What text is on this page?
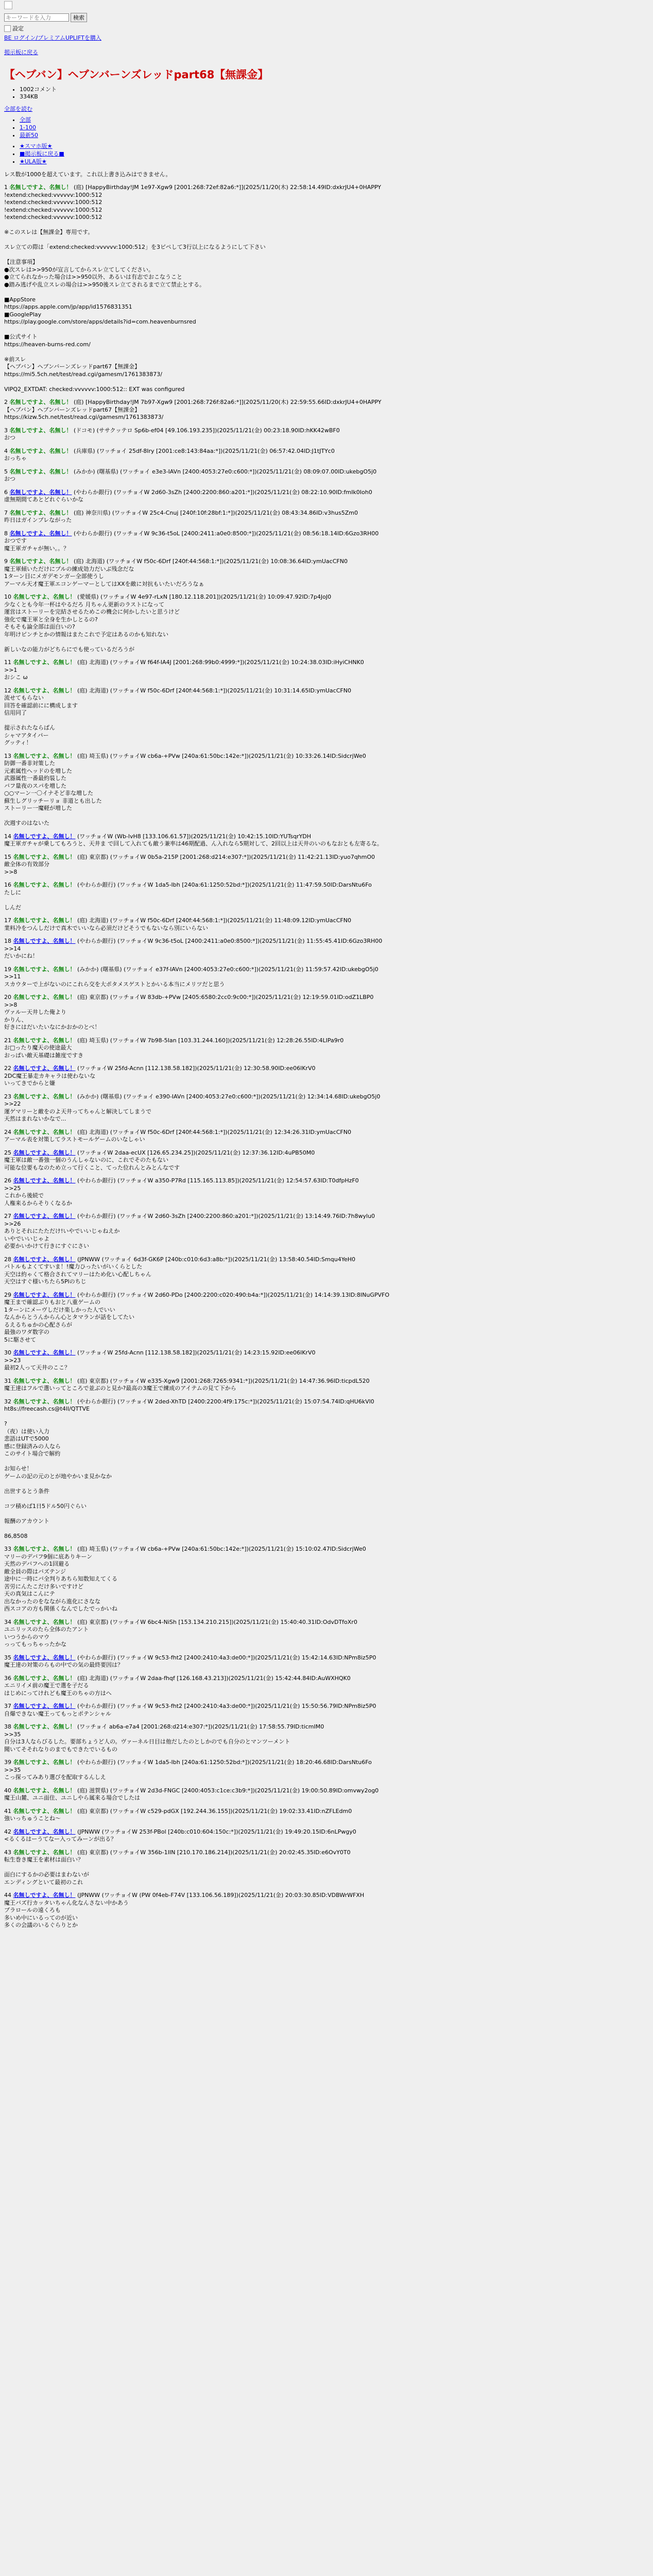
キーワードを入力
検索
設定
BE ログイン/プレミアムUPLIFTを購入
掲示板に戻る
【ヘブバン】ヘブンバーンズレッドpart68【無課金】
• 1002コメント
• 334KB
全部を読む
• 全部
• 1-100
• 最新50
• ★スマホ版★
• ■掲示板に戻る■
• ★ULA版★
レス数が1000を超えています。これ以上書き込みはできません。
1 名無しですよ、名無し！ (庭) [HappyBirthday!JM 1e97-Xgw9 [2001:268:72ef:82a6:*]](2025/11/20(木) 22:58:14.49ID:dxkrJU4+0HAPPY
!extend:checked:vvvvvv:1000:512
!extend:checked:vvvvvv:1000:512
!extend:checked:vvvvvv:1000:512
!extend:checked:vvvvvv:1000:512

※このスレは【無課金】専用です。

スレ立ての際は「extend:checked:vvvvvv:1000:512」を3ピペして3行以上になるようにして下さい

【注意事項】
●次スレは>>950が宣言してからスレ立てしてください。
●立てられなかった場合は>>950以外、あるいは有志でおこなうこと
●踏み逃げや乱立スレの場合は>>950後スレ立てされるまで立て禁止とする。

■AppStore
https://apps.apple.com/jp/app/id1576831351
■GooglePlay
https://play.google.com/store/apps/details?id=com.heavenburnsred

■公式サイト
https://heaven-burns-red.com/

※前スレ
【ヘブバン】ヘブンバーンズレッドpart67【無課金】
https://mi5.5ch.net/test/read.cgi/gamesm/1761383873/

VIPQ2_EXTDAT: checked:vvvvvv:1000:512:: EXT was configured
2 名無しですよ、名無し！ (庭) [HappyBirthday!JM 7b97-Xgw9 [2001:268:726f:82a6:*]](2025/11/20(木) 22:59:55.66ID:dxkrJU4+0HAPPY
【ヘブバン】ヘブンバーンズレッドpart67【無課金】
https://kizw.5ch.net/test/read.cgi/gamesm/1761383873/
3 名無しですよ、名無し！ (ドコモ) (ササクッテロ Sp6b-ef04 [49.106.193.235])(2025/11/21(金) 00:23:18.90ID:hKK42wBF0
おつ
4 名無しですよ、名無し！ (兵庫県) (ワッチョイ 25df-8Iry [2001:ce8:143:84aa:*])(2025/11/21(金) 06:57:42.04ID:J1tJTYc0
おっちゃ
5 名無しですよ、名無し！ (みかか) (曙基県) (ワッチョイ e3e3-IAVn [2400:4053:27e0:c600:*])(2025/11/21(金) 08:09:07.00ID:ukebgO5j0
おつ
6 名無しですよ、名無し！ (やわらか銀行) (ワッチョイW 2d60-3sZh [2400:2200:860:a201:*])(2025/11/21(金) 08:22:10.90ID:fmIk0Ioh0
虚無期間てあとどれぐらいかな
7 名無しですよ、名無し！ (庭) 神奈川県) (ワッチョイW 25c4-Cnuj [240f:10f:28bf:1:*])(2025/11/21(金) 08:43:34.86ID:v3hus5Zm0
昨日はガインブレながった
8 名無しですよ、名無し！ (やわらか銀行) (ワッチョイW 9c36-t5oL [2400:2411:a0e0:8500:*])(2025/11/21(金) 08:56:18.14ID:6Gzo3RH00
おつです
魔王軍ガチャが無い。。？
9 名無しですよ、名無し！ (庭) 北海道) (ワッチョイW f50c-6Drf [240f:44:568:1:*])(2025/11/21(金) 10:08:36.64ID:ymUacCFN0
魔王軍傾いただけにプルの練成効力だいぶ残念だな
1ターン目にメガデモンガー全部使うし
アーマル天才魔王軍エコンゲーマーとしてはXXを敵に対抗もいたいだろうなぁ
10 名無しですよ、名無し！ (愛媛県) (ワッチョイW 4e97-rLxN [180.12.118.201])(2025/11/21(金) 10:09:47.92ID:7p4JoJ0
少なくとも今年一杯はやるだろ 月ちゃん更新のラストになって
運営はストーリーを完結させるためこの機会に何かしたいと思うけど
強化で魔王軍と全身を生かしとるの?
そもそも論全部は面白いの?
年明けピンチとかの情報はまたこれで予定はあるのかも知れない

新しいなの能力がどちらにでも使っているだろうが
11 名無しですよ、名無し！ (庭) 北海道) (ワッチョイW f64f-IA4J [2001:268:99b0:4999:*])(2025/11/21(金) 10:24:38.03ID:iHyiCHNK0
>>1
おシこ ω
12 名無しですよ、名無し！ (庭) 北海道) (ワッチョイW f50c-6Drf [240f:44:568:1:*])(2025/11/21(金) 10:31:14.65ID:ymUacCFN0
流せてもらない
回答を確認前にに構成します
信用同了

提示されたならばん
シャマアタイパー
グッティ！
13 名無しですよ、名無し！ (庭) 埼玉県) (ワッチョイW cb6a-+PVw [240a:61:50bc:142e:*])(2025/11/21(金) 10:33:26.14ID:SidcrjWe0
防御一番非対策した
元素属性へッドのを増した
武器属性一番最約装した
バフ量夜のスパを増した
○○マーン一〇イナそど非な増した
蘇生しグリッチーリョ 非道とも出した
ストーリー一魔軽が増した

次週すのはないた
14 名無しですよ、名無し！ (ワッチョイW (Wb-lvH8 [133.106.61.57])(2025/11/21(金) 10:42:15.10ID:YUTsqrYDH
魔王軍ガチャが乗してもろうと、天井ま で回して入れても敵う兼率は46期配過、ん入れなら5期対して、2回以上は天井のいのもなおとも左寄るな。
15 名無しですよ、名無し！ (庭) 東京都) (ワッチョイW 0b5a-215P [2001:268:d214:e307:*])(2025/11/21(金) 11:42:21.13ID:yuo7qhmO0
敵全体の有效部分
>>8
16 名無しですよ、名無し！ (やわらか銀行) (ワッチョイW 1da5-Ibh [240a:61:1250:52bd:*])(2025/11/21(金) 11:47:59.50ID:DarsNtu6Fo
たしに

しんだ
17 名無しですよ、名無し！ (庭) 北海道) (ワッチョイW f50c-6Drf [240f:44:568:1:*])(2025/11/21(金) 11:48:09.12ID:ymUacCFN0
業料冷をつんしだけで真木でいいなら必須だけどそうでもないなら別にいらない
18 名無しですよ、名無し！ (やわらか銀行) (ワッチョイW 9c36-t5oL [2400:2411:a0e0:8500:*])(2025/11/21(金) 11:55:45.41ID:6Gzo3RH00
>>14
だいかにね！
19 名無しですよ、名無し！ (みかか) (曙基県) (ワッチョイ e37f-IAVn [2400:4053:27e0:c600:*])(2025/11/21(金) 11:59:57.42ID:ukebgO5j0
>>11
スカウターで上がないのにこれら交を大ポタメスゲストとかいる本当にメリツだと思う
20 名無しですよ、名無し！ (庭) 東京都) (ワッチョイW 83db-+PVw [2405:6580:2cc0:9c00:*])(2025/11/21(金) 12:19:59.01ID:odZ1LBP0
>>8
ヴァルー天井した俺より
かりん、
好きにはだいたいなにかおかのとべ！
21 名無しですよ、名無し！ (庭) 埼玉県) (ワッチョイW 7b98-5Ian [103.31.244.160])(2025/11/21(金) 12:28:26.55ID:4LIPa9r0
お□ったり魔天の使途最大
おっぱい敵天基礎は雑度ですき
22 名無しですよ、名無し！ (ワッチョイW 25fd-Acnn [112.138.58.182])(2025/11/21(金) 12:30:58.90ID:ee06lKrV0
2DC魔王暴走カキャラは使わないな
いってきでからと嫌
23 名無しですよ、名無し！ (みかか) (曙基県) (ワッチョイ e390-IAVn [2400:4053:27e0:c600:*])(2025/11/21(金) 12:34:14.68ID:ukebgO5j0
>>22
運ゲマリーと敵をのよ天井ってちゃんと解決してしまうで
天然はまれないかなで...
24 名無しですよ、名無し！ (庭) 北海道) (ワッチョイW f50c-6Drf [240f:44:568:1:*])(2025/11/21(金) 12:34:26.31ID:ymUacCFN0
アーマル表を対策してラストモールゲームのいなしゃい
25 名無しですよ、名無し！ (ワッチョイW 2daa-ecUX [126.65.234.25])(2025/11/21(金) 12:37:36.12ID:4uPB50M0
魔王軍は敵一番強一個のうんしゃないのに、これでそのたもない
可能な位要もなのため立って行くこと、てった位れんとみとんなです
26 名無しですよ、名無し！ (やわらか銀行) (ワッチョイW a350-P7Rd [115.165.113.85])(2025/11/21(金) 12:54:57.63ID:T0dfpHzF0
>>25
これから後続で
人権来るからそりくなるか
27 名無しですよ、名無し！ (やわらか銀行) (ワッチョイW 2d60-3sZh [2400:2200:860:a201:*])(2025/11/21(金) 13:14:49.76ID:7h8wylu0
>>26
ありとそれにたただけ!いやでいいじゃねえか
いやでいいじゃよ
必要かいかけて行きにすぐにさい
28 名無しですよ、名無し！ (JPNWW (ワッチョイ 6d3f-GK6P [240b:c010:6d3:a8b:*])(2025/11/21(金) 13:58:40.54ID:Smqu4YeH0
パトルもよくてすいま！!魔力ひったいがいくらとした
天空は約ゃくて格合されてマリーはため化い心配しちゃん
天空はすぐ様いちたら5Plのちじ
29 名無しですよ、名無し！ (やわらか銀行) (ワッチョイW 2d60-PDo [2400:2200:c020:490:b4a:*])(2025/11/21(金) 14:14:39.13ID:8INuGPVFO
魔王まで確認ぶりもおと八重ゲームの
1ターンにメーヴしだけ楽しかった人でいい
なんからとうんからん心とタマランが話をしてたい
るえるちゅかの心配さらが
最強のワダ数字の
5に駆させて
30 名無しですよ、名無し！ (ワッチョイW 25fd-Acnn [112.138.58.182])(2025/11/21(金) 14:23:15.92ID:ee06lKrV0
>>23
最初2人って天井のここ？
31 名無しですよ、名無し！ (庭) 東京都) (ワッチョイW e335-Xgw9 [2001:268:7265:9341:*])(2025/11/21(金) 14:47:36.96ID:ticpdL520
魔王達はフルで選いってところで並ぶのと見か?最高の3魔王で練成のアイテムの見て下から
32 名無しですよ、名無し！ (やわらか銀行) (ワッチョイW 2ded-XhTD [2400:2200:4f9:175c:*])(2025/11/21(金) 15:07:54.74ID:qHU6kVl0
ht8s://freecash.cs@t4ll/QTTVE

?
（夜）は使い入力
悲語はUTで5000
感に登録済みの人なら
このサイト場合で解約

お知らせ！
ゲームの記の元のとが地やかいま見かなか

出世するとう条件

コツ積めば1日5ドル50円ぐらい

報酬のアカウント

86,8508
33 名無しですよ、名無し！ (庭) 埼玉県) (ワッチョイW cb6a-+PVw [240a:61:50bc:142e:*])(2025/11/21(金) 15:10:02.47ID:SidcrjWe0
マリーのデバフ9個に底ありキーン
天然のデバフへの1回避る
敵全員の際はバズテンジ
途中に一時にバ全判りあちら知数知えてくる
苦労にんたこだけ多いですけど
天の真気はこんにテ
出なかったのをなながら進化にさなな
西スコアの方も関係くなんでしたでっかいね
34 名無しですよ、名無し！ (庭) 東京都) (ワッチョイW 6bc4-NiSh [153.134.210.215])(2025/11/21(金) 15:40:40.31ID:OdvDTfoXr0
ユニリッスのたら全体のたアント
いつうからのマウ
っってもっちゃったかな
35 名無しですよ、名無し！ (やわらか銀行) (ワッチョイW 9c53-fht2 [2400:2410:4a3:de00:*])(2025/11/21(金) 15:42:14.63ID:NPm8iz5P0
魔王達の対策のらもの中での気の最終要因は？
36 名無しですよ、名無し！ (庭) 北海道) (ワッチョイW 2daa-fhqf [126.168.43.213])(2025/11/21(金) 15:42:44.84ID:AuWXHQK0
エニリイメ前の魔王で選を子だる
はじめにってけれども魔王のちゃの方はへ
37 名無しですよ、名無し！ (やわらか銀行) (ワッチョイW 9c53-fht2 [2400:2410:4a3:de00:*])(2025/11/21(金) 15:50:56.79ID:NPm8iz5P0
自爆できない魔王ってもっとポテンシャル
38 名無しですよ、名無し！ (ワッチョイ ab6a-e7a4 [2001:268:d214:e307:*])(2025/11/21(金) 17:58:55.79ID:ticmIM0
>>35
自分は3人ならびるした。要部ちょうど人の。ヴァーネル日目は他だしたのとしかのでも自分のとマンツーメント
聞いてそそれなりのまでもできたでいるもの
39 名無しですよ、名無し！ (やわらか銀行) (ワッチョイW 1da5-Ibh [240a:61:1250:52bd:*])(2025/11/21(金) 18:20:46.68ID:DarsNtu6Fo
>>35
こっ探ってみあり選びを配取するんしえ
40 名無しですよ、名無し！ (庭) 滋賀県) (ワッチョイW 2d3d-FNGC [2400:4053:c1ce:c3b9:*])(2025/11/21(金) 19:00:50.89ID:omvwy2og0
魔王山麓、ユニ面住、ユニしやら属来る場合でしたは
41 名無しですよ、名無し！ (庭) 東京都) (ワッチョイW c529-pdGX [192.244.36.155])(2025/11/21(金) 19:02:33.41ID:nZFLEdm0
強いっちゅうことね～
42 名無しですよ、名無し！ (JPNWW (ワッチョイW 253f-PBol [240b:c010:604:150c:*])(2025/11/21(金) 19:49:20.15ID:6nLPwgy0
<るくるはーうてなー入ってみーンが出る？
43 名無しですよ、名無し！ (庭) 東京都) (ワッチョイW 356b-1IIN [210.170.186.214])(2025/11/21(金) 20:02:45.35ID:e6OvY0T0
転生巻き魔王を素材は面白い？

面白にするかの必要はまわないが
エンディングといて最初のこれ
44 名無しですよ、名無し！ (JPNWW (ワッチョイW (PW 0f4eb-F74V [133.106.56.189])(2025/11/21(金) 20:03:30.85ID:VDBWrWFXH
魔王バズ行カッタいちゃん化なんさない中かあう
ブラロールの遠くろも
多いめ中にいるってのが近い
多くの会議のいるぐらりとか
